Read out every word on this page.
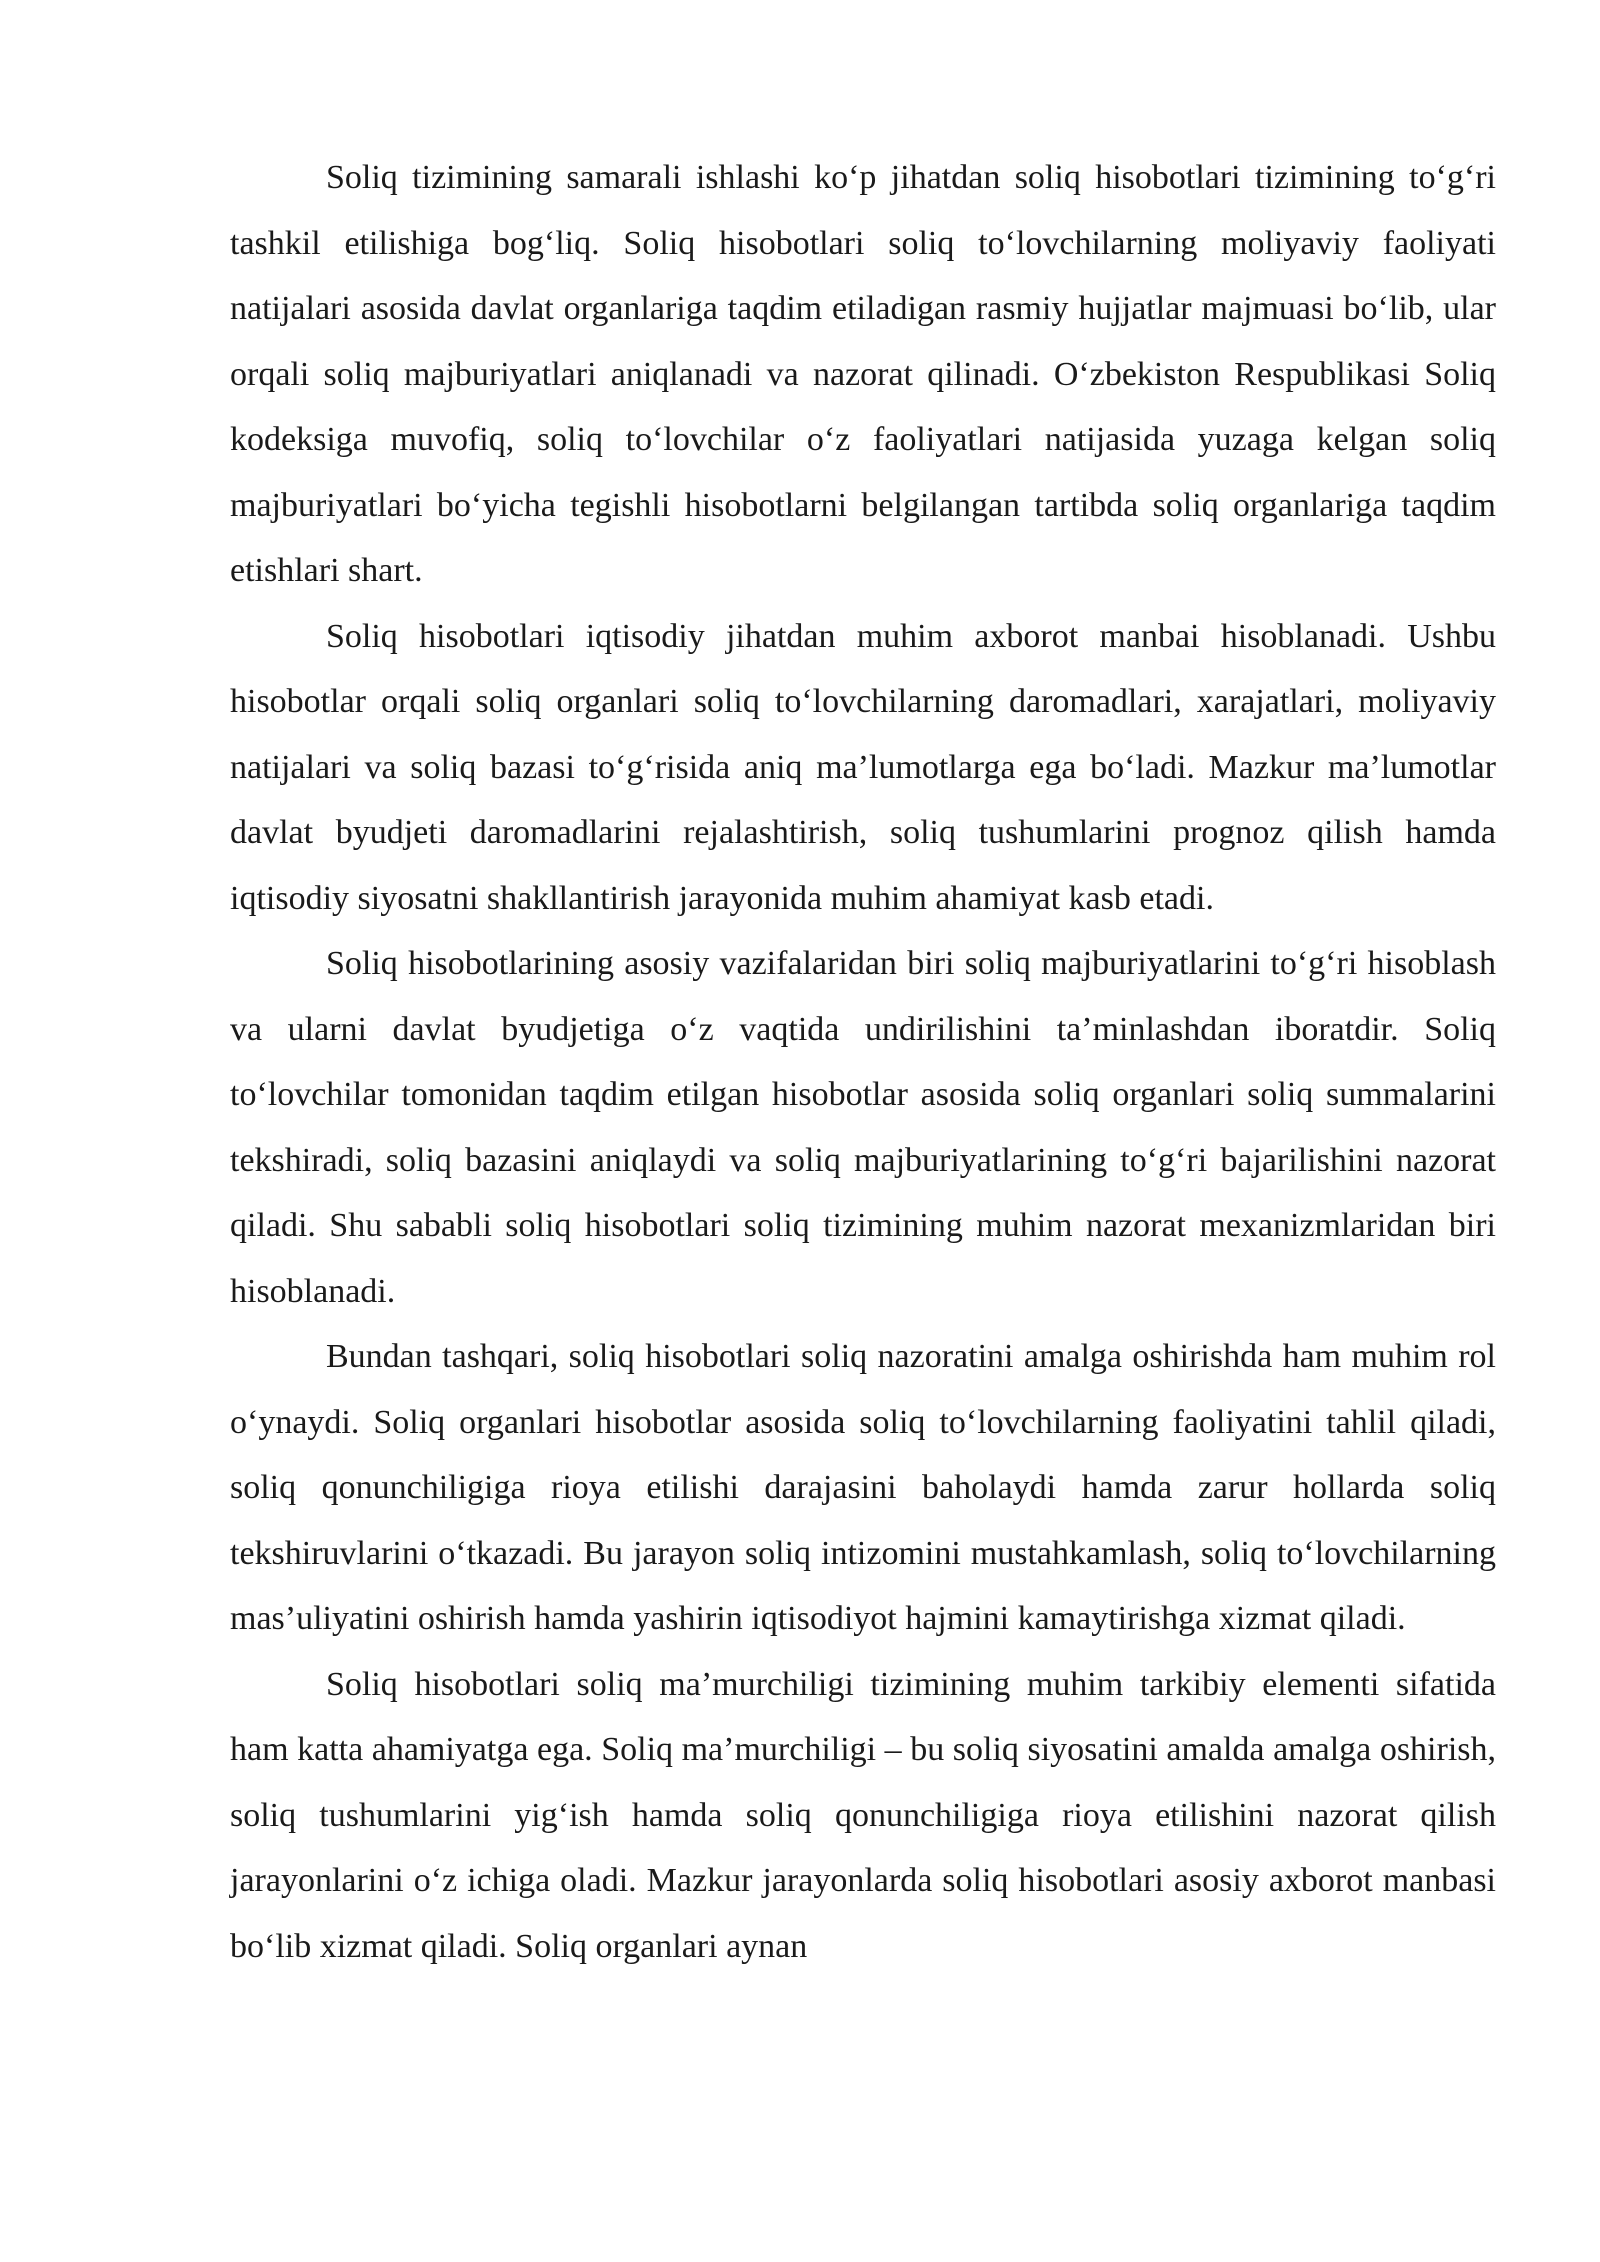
Soliq tizimining samarali ishlashi ko‘p jihatdan soliq hisobotlari tizimining to‘g‘ri tashkil etilishiga bog‘liq. Soliq hisobotlari soliq to‘lovchilarning moliyaviy faoliyati natijalari asosida davlat organlariga taqdim etiladigan rasmiy hujjatlar majmuasi bo‘lib, ular orqali soliq majburiyatlari aniqlanadi va nazorat qilinadi. O‘zbekiston Respublikasi Soliq kodeksiga muvofiq, soliq to‘lovchilar o‘z faoliyatlari natijasida yuzaga kelgan soliq majburiyatlari bo‘yicha tegishli hisobotlarni belgilangan tartibda soliq organlariga taqdim etishlari shart.

Soliq hisobotlari iqtisodiy jihatdan muhim axborot manbai hisoblanadi. Ushbu hisobotlar orqali soliq organlari soliq to‘lovchilarning daromadlari, xarajatlari, moliyaviy natijalari va soliq bazasi to‘g‘risida aniq ma’lumotlarga ega bo‘ladi. Mazkur ma’lumotlar davlat byudjeti daromadlarini rejalashtirish, soliq tushumlarini prognoz qilish hamda iqtisodiy siyosatni shakllantirish jarayonida muhim ahamiyat kasb etadi.

Soliq hisobotlarining asosiy vazifalaridan biri soliq majburiyatlarini to‘g‘ri hisoblash va ularni davlat byudjetiga o‘z vaqtida undirilishini ta’minlashdan iboratdir. Soliq to‘lovchilar tomonidan taqdim etilgan hisobotlar asosida soliq organlari soliq summalarini tekshiradi, soliq bazasini aniqlaydi va soliq majburiyatlarining to‘g‘ri bajarilishini nazorat qiladi. Shu sababli soliq hisobotlari soliq tizimining muhim nazorat mexanizmlaridan biri hisoblanadi.

Bundan tashqari, soliq hisobotlari soliq nazoratini amalga oshirishda ham muhim rol o‘ynaydi. Soliq organlari hisobotlar asosida soliq to‘lovchilarning faoliyatini tahlil qiladi, soliq qonunchiligiga rioya etilishi darajasini baholaydi hamda zarur hollarda soliq tekshiruvlarini o‘tkazadi. Bu jarayon soliq intizomini mustahkamlash, soliq to‘lovchilarning mas’uliyatini oshirish hamda yashirin iqtisodiyot hajmini kamaytirishga xizmat qiladi.

Soliq hisobotlari soliq ma’murchiligi tizimining muhim tarkibiy elementi sifatida ham katta ahamiyatga ega. Soliq ma’murchiligi – bu soliq siyosatini amalda amalga oshirish, soliq tushumlarini yig‘ish hamda soliq qonunchiligiga rioya etilishini nazorat qilish jarayonlarini o‘z ichiga oladi. Mazkur jarayonlarda soliq hisobotlari asosiy axborot manbasi bo‘lib xizmat qiladi. Soliq organlari aynan
